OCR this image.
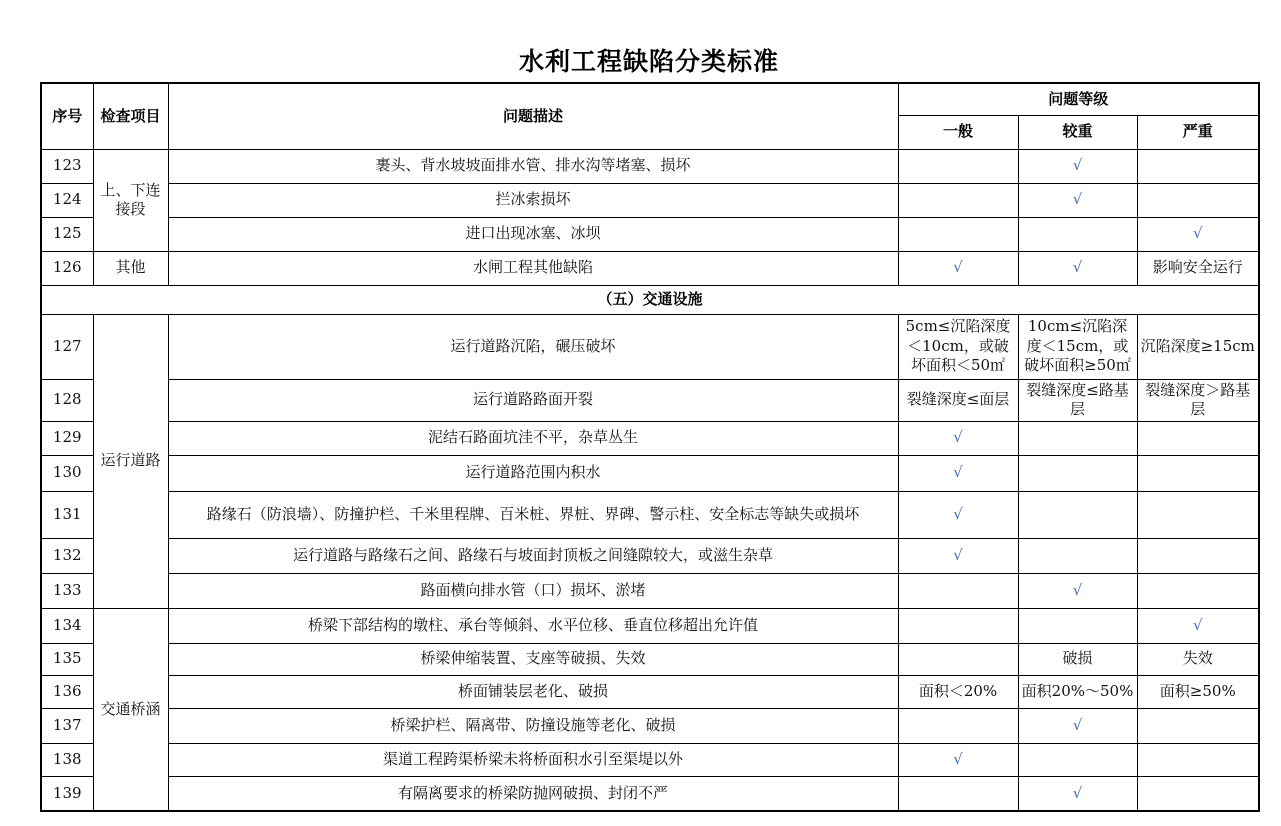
水利工程缺陷分类标准
序号	检查项目	问题描述	问题等级		
			一般	较重	严重
123	上、下连接段	裹头、背水坡坡面排水管、排水沟等堵塞、损坏		√	
124		拦冰索损坏		√	
125		进口出现冰塞、冰坝			√
126	其他	水闸工程其他缺陷	√	√	影响安全运行
（五）交通设施					
127	运行道路	运行道路沉陷，碾压破坏	5cm≤沉陷深度＜10cm，或破坏面积＜50㎡	10cm≤沉陷深度＜15cm，或破坏面积≥50㎡	沉陷深度≥15cm
128		运行道路路面开裂	裂缝深度≤面层	裂缝深度≤路基层	裂缝深度＞路基层
129		泥结石路面坑洼不平，杂草丛生	√		
130		运行道路范围内积水	√		
131		路缘石（防浪墙）、防撞护栏、千米里程牌、百米桩、界桩、界碑、警示柱、安全标志等缺失或损坏	√		
132		运行道路与路缘石之间、路缘石与坡面封顶板之间缝隙较大，或滋生杂草	√		
133		路面横向排水管（口）损坏、淤堵		√	
134	交通桥涵	桥梁下部结构的墩柱、承台等倾斜、水平位移、垂直位移超出允许值			√
135		桥梁伸缩装置、支座等破损、失效		破损	失效
136		桥面铺装层老化、破损	面积＜20%	面积20%～50%	面积≥50%
137		桥梁护栏、隔离带、防撞设施等老化、破损		√	
138		渠道工程跨渠桥梁未将桥面积水引至渠堤以外	√		
139		有隔离要求的桥梁防抛网破损、封闭不严		√	
